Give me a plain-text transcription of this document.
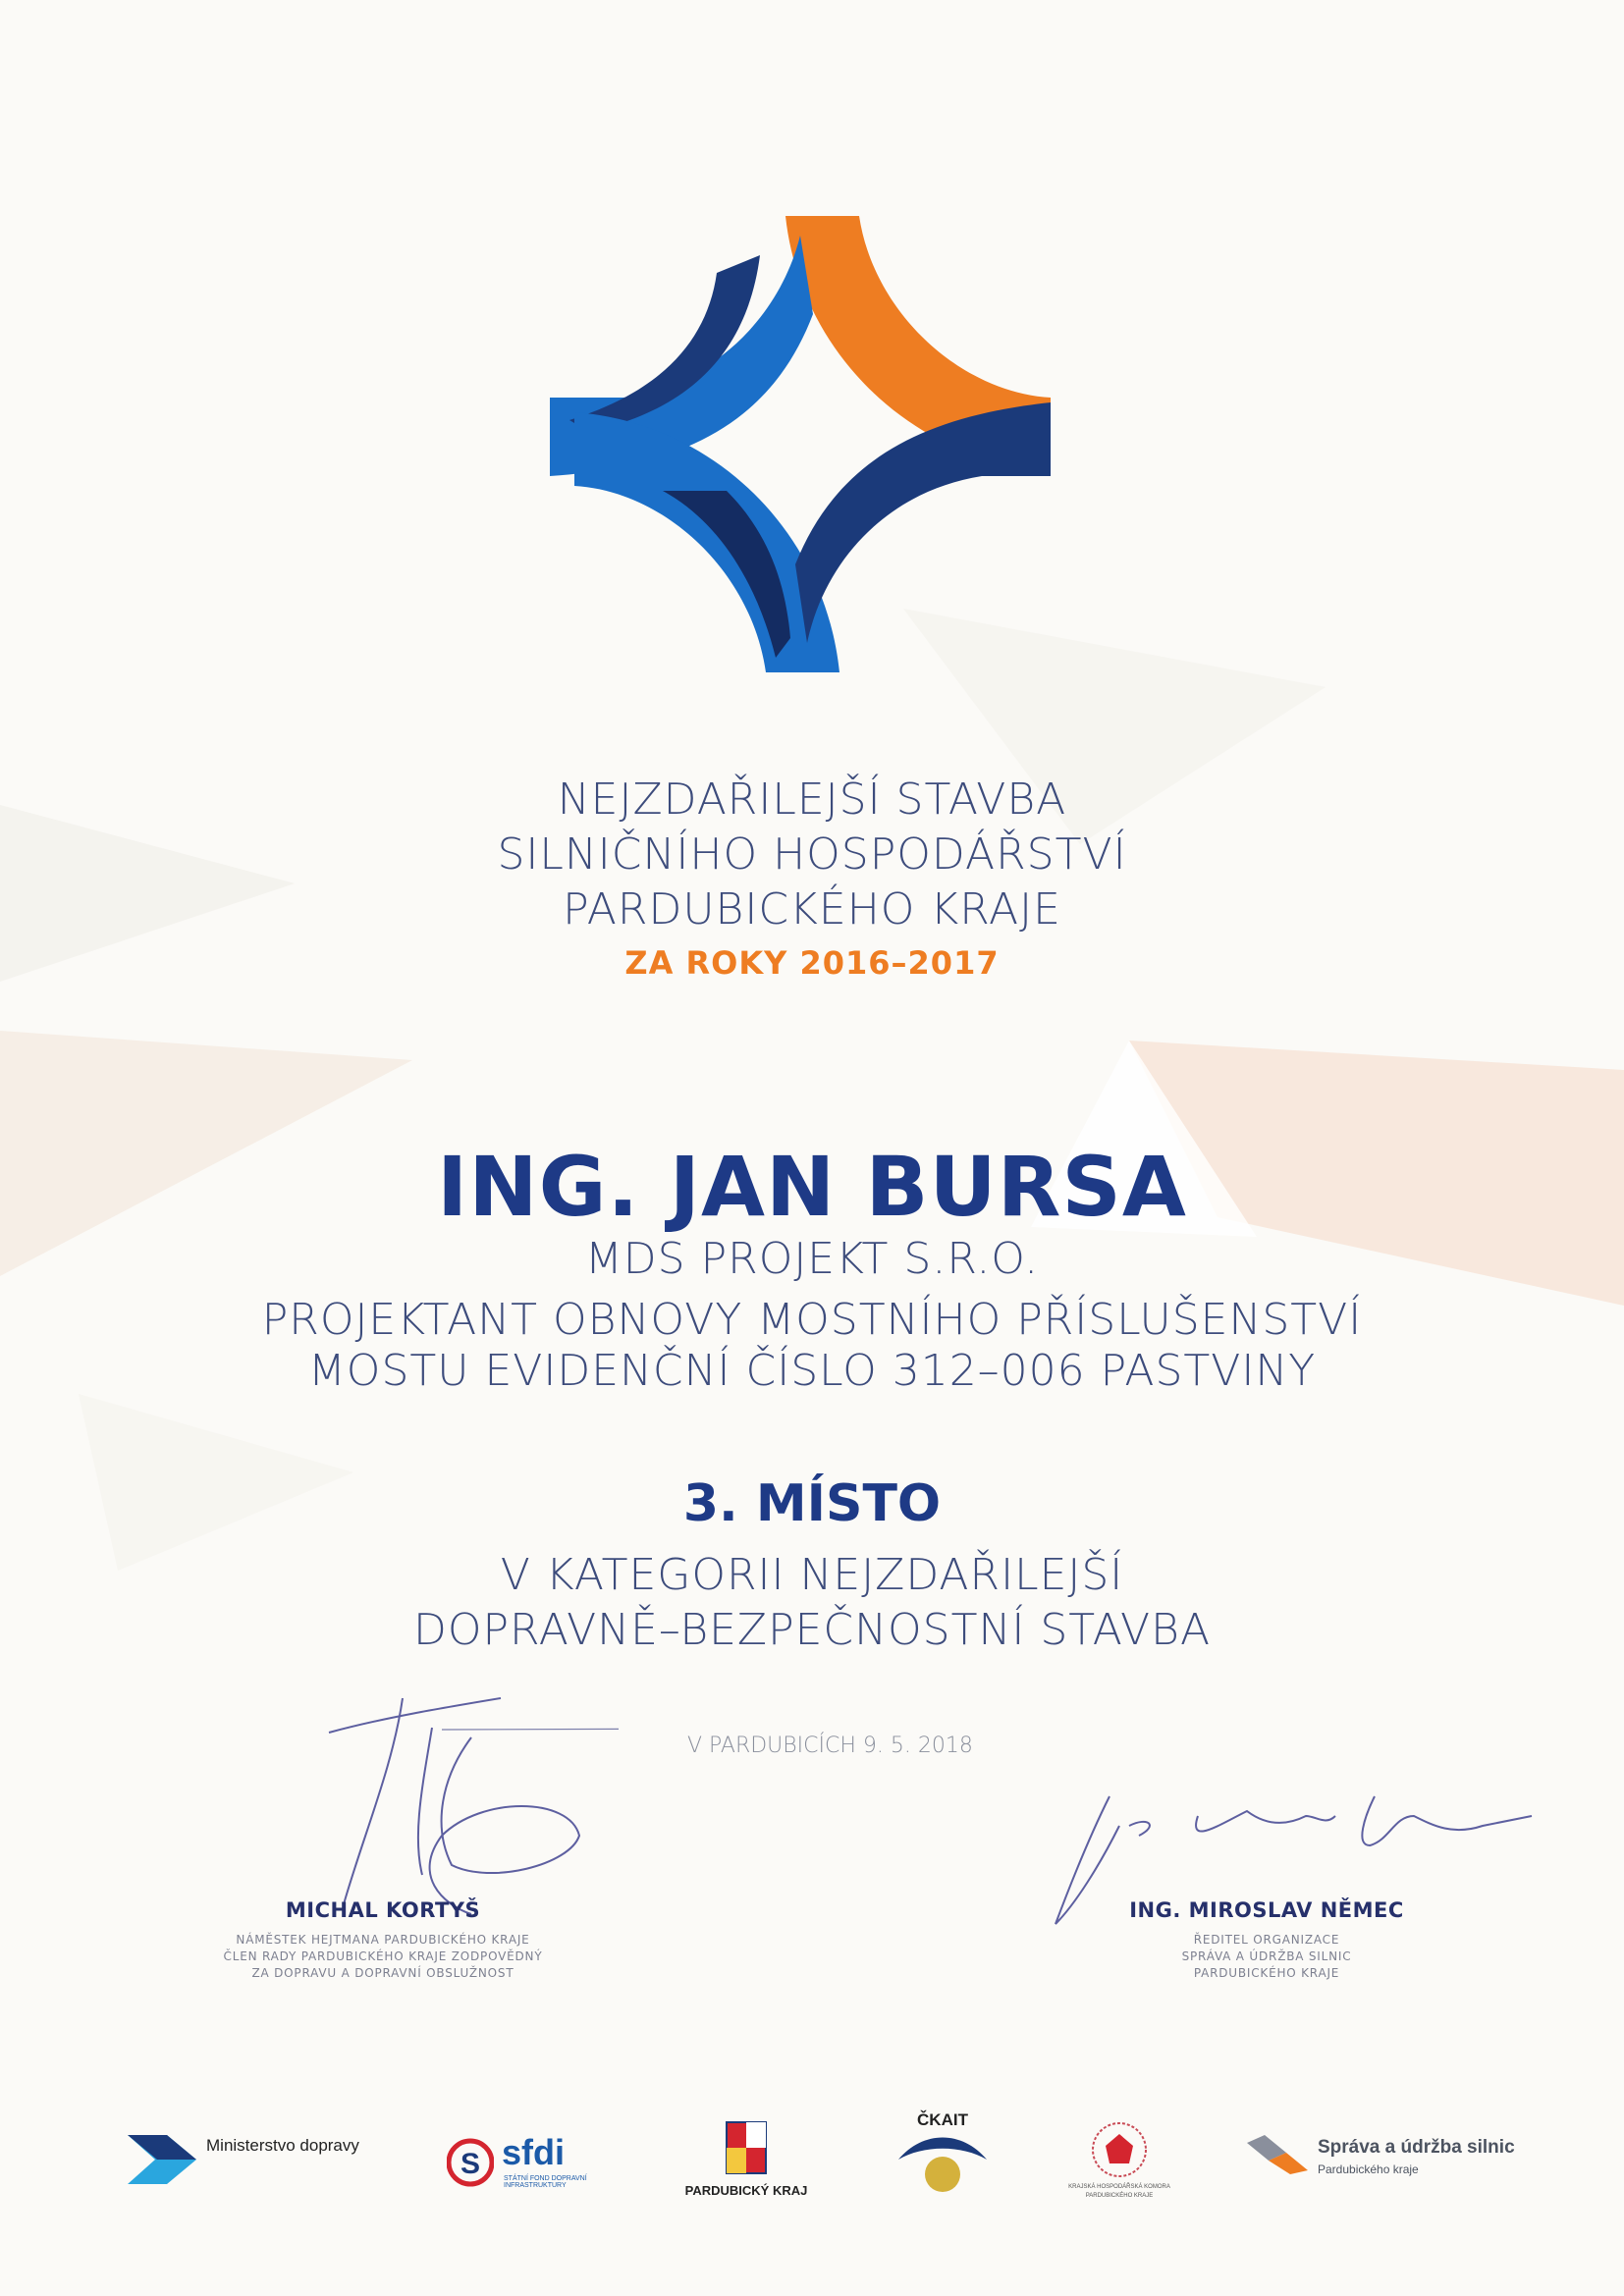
NEJZDAŘILEJŠÍ STAVBA
SILNIČNÍHO HOSPODÁŘSTVÍ
PARDUBICKÉHO KRAJE
ZA ROKY 2016–2017
ING. JAN BURSA
MDS PROJEKT S.R.O.
PROJEKTANT OBNOVY MOSTNÍHO PŘÍSLUŠENSTVÍ
MOSTU EVIDENČNÍ ČÍSLO 312–006 PASTVINY
3. MÍSTO
V KATEGORII NEJZDAŘILEJŠÍ
DOPRAVNĚ–BEZPEČNOSTNÍ STAVBA
V PARDUBICÍCH 9. 5. 2018
MICHAL KORTYŠ
NÁMĚSTEK HEJTMANA PARDUBICKÉHO KRAJE
ČLEN RADY PARDUBICKÉHO KRAJE ZODPOVĚDNÝ
ZA DOPRAVU A DOPRAVNÍ OBSLUŽNOST
ING. MIROSLAV NĚMEC
ŘEDITEL ORGANIZACE
SPRÁVA A ÚDRŽBA SILNIC
PARDUBICKÉHO KRAJE
Ministerstvo dopravy
S sfdi
STÁTNÍ FOND DOPRAVNÍ INFRASTRUKTURY	PARDUBICKÝ KRAJ
ČKAIT
KRAJSKÁ HOSPODÁŘSKÁ KOMORA PARDUBICKÉHO KRAJE
Správa a údržba silnic
Pardubického kraje
